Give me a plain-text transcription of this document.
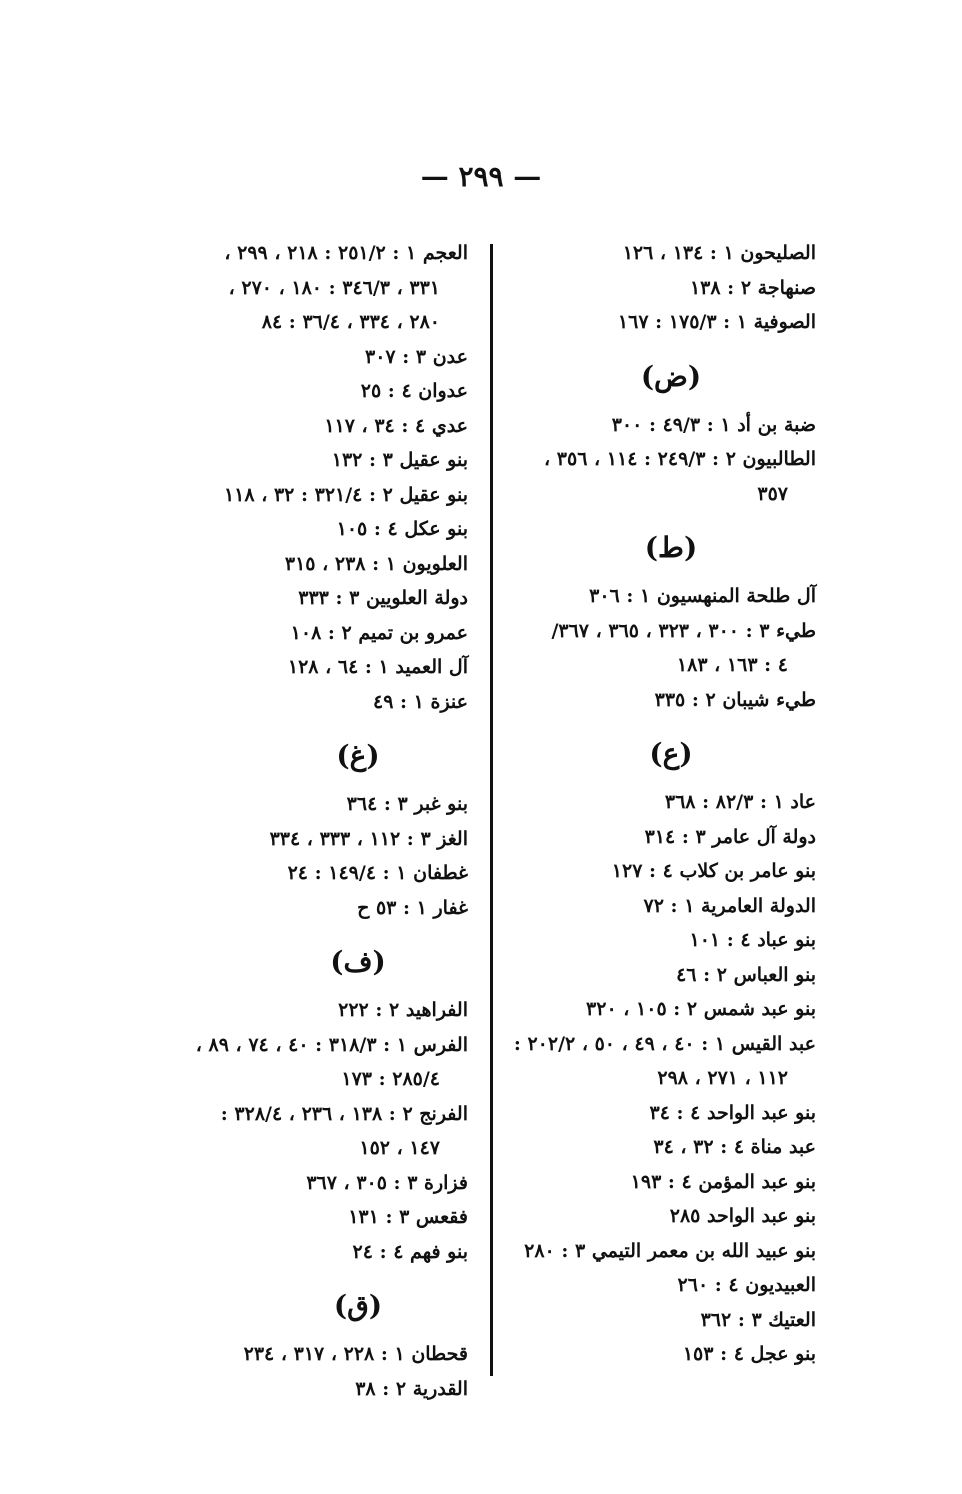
— ٢٩٩ —
الصليحون ١ : ١٣٤ ، ١٢٦
صنهاجة ٢ : ١٣٨
الصوفية ١ : ١٧٥/٣ : ١٦٧
(ض)
ضبة بن أد ١ : ٤٩/٣ : ٣٠٠
الطالبيون ٢ : ٢٤٩/٣ : ١١٤ ، ٣٥٦ ،
٣٥٧
(ط)
آل طلحة المنهسيون ١ : ٣٠٦
طيء ٣ : ٣٠٠ ، ٣٢٣ ، ٣٦٥ ، ٣٦٧/
٤ : ١٦٣ ، ١٨٣
طيء شيبان ٢ : ٣٣٥
(ع)
عاد ١ : ٨٢/٣ : ٣٦٨
دولة آل عامر ٣ : ٣١٤
بنو عامر بن كلاب ٤ : ١٢٧
الدولة العامرية ١ : ٧٢
بنو عباد ٤ : ١٠١
بنو العباس ٢ : ٤٦
بنو عبد شمس ٢ : ١٠٥ ، ٣٢٠
عبد القيس ١ : ٤٠ ، ٤٩ ، ٥٠ ، ٢٠٢/٢ :
١١٢ ، ٢٧١ ، ٢٩٨
بنو عبد الواحد ٤ : ٣٤
عبد مناة ٤ : ٣٢ ، ٣٤
بنو عبد المؤمن ٤ : ١٩٣
بنو عبد الواحد ٢٨٥
بنو عبيد الله بن معمر التيمي ٣ : ٢٨٠
العبيديون ٤ : ٢٦٠
العتيك ٣ : ٣٦٢
بنو عجل ٤ : ١٥٣
العجم ١ : ٢٥١/٢ : ٢١٨ ، ٢٩٩ ،
٣٣١ ، ٣٤٦/٣ : ١٨٠ ، ٢٧٠ ،
٢٨٠ ، ٣٣٤ ، ٣٦/٤ : ٨٤
عدن ٣ : ٣٠٧
عدوان ٤ : ٢٥
عدي ٤ : ٣٤ ، ١١٧
بنو عقيل ٣ : ١٣٢
بنو عقيل ٢ : ٣٢١/٤ : ٣٢ ، ١١٨
بنو عكل ٤ : ١٠٥
العلويون ١ : ٢٣٨ ، ٣١٥
دولة العلويين ٣ : ٣٣٣
عمرو بن تميم ٢ : ١٠٨
آل العميد ١ : ٦٤ ، ١٢٨
عنزة ١ : ٤٩
(غ)
بنو غبر ٣ : ٣٦٤
الغز ٣ : ١١٢ ، ٣٣٣ ، ٣٣٤
غطفان ١ : ١٤٩/٤ : ٢٤
غفار ١ : ٥٣ ح
(ف)
الفراهيد ٢ : ٢٢٢
الفرس ١ : ٣١٨/٣ : ٤٠ ، ٧٤ ، ٨٩ ،
٢٨٥/٤ : ١٧٣
الفرنج ٢ : ١٣٨ ، ٢٣٦ ، ٣٢٨/٤ :
١٤٧ ، ١٥٢
فزارة ٣ : ٣٠٥ ، ٣٦٧
فقعس ٣ : ١٣١
بنو فهم ٤ : ٢٤
(ق)
قحطان ١ : ٢٢٨ ، ٣١٧ ، ٢٣٤
القدرية ٢ : ٣٨
